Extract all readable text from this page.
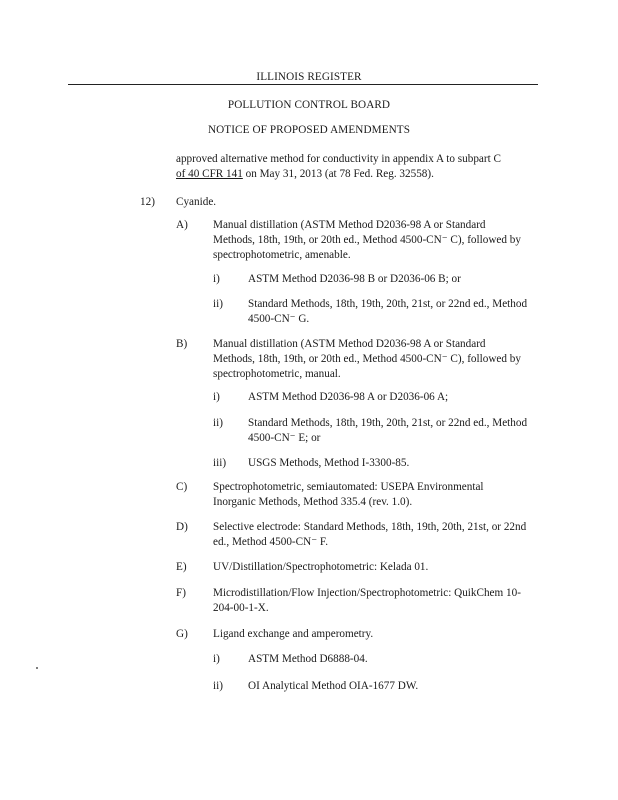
ILLINOIS REGISTER
POLLUTION CONTROL BOARD
NOTICE OF PROPOSED AMENDMENTS
approved alternative method for conductivity in appendix A to subpart C
of 40 CFR 141 on May 31, 2013 (at 78 Fed. Reg. 32558).
12) Cyanide.
A) Manual distillation (ASTM Method D2036-98 A or Standard Methods, 18th, 19th, or 20th ed., Method 4500-CN⁻ C), followed by spectrophotometric, amenable.
i)	ASTM Method D2036-98 B or D2036-06 B; or
ii) Standard Methods, 18th, 19th, 20th, 21st, or 22nd ed., Method 4500-CN⁻ G.
B) Manual distillation (ASTM Method D2036-98 A or Standard Methods, 18th, 19th, or 20th ed., Method 4500-CN⁻ C), followed by spectrophotometric, manual.
i)	ASTM Method D2036-98 A or D2036-06 A;
ii) Standard Methods, 18th, 19th, 20th, 21st, or 22nd ed., Method 4500-CN⁻ E; or
iii) USGS Methods, Method I-3300-85.
C) Spectrophotometric, semiautomated: USEPA Environmental Inorganic Methods, Method 335.4 (rev. 1.0).
D) Selective electrode: Standard Methods, 18th, 19th, 20th, 21st, or 22nd ed., Method 4500-CN⁻ F.
E) UV/Distillation/Spectrophotometric: Kelada 01.
F) Microdistillation/Flow Injection/Spectrophotometric: QuikChem 10-204-00-1-X.
G) Ligand exchange and amperometry.
i)	ASTM Method D6888-04.
ii) OI Analytical Method OIA-1677 DW.
